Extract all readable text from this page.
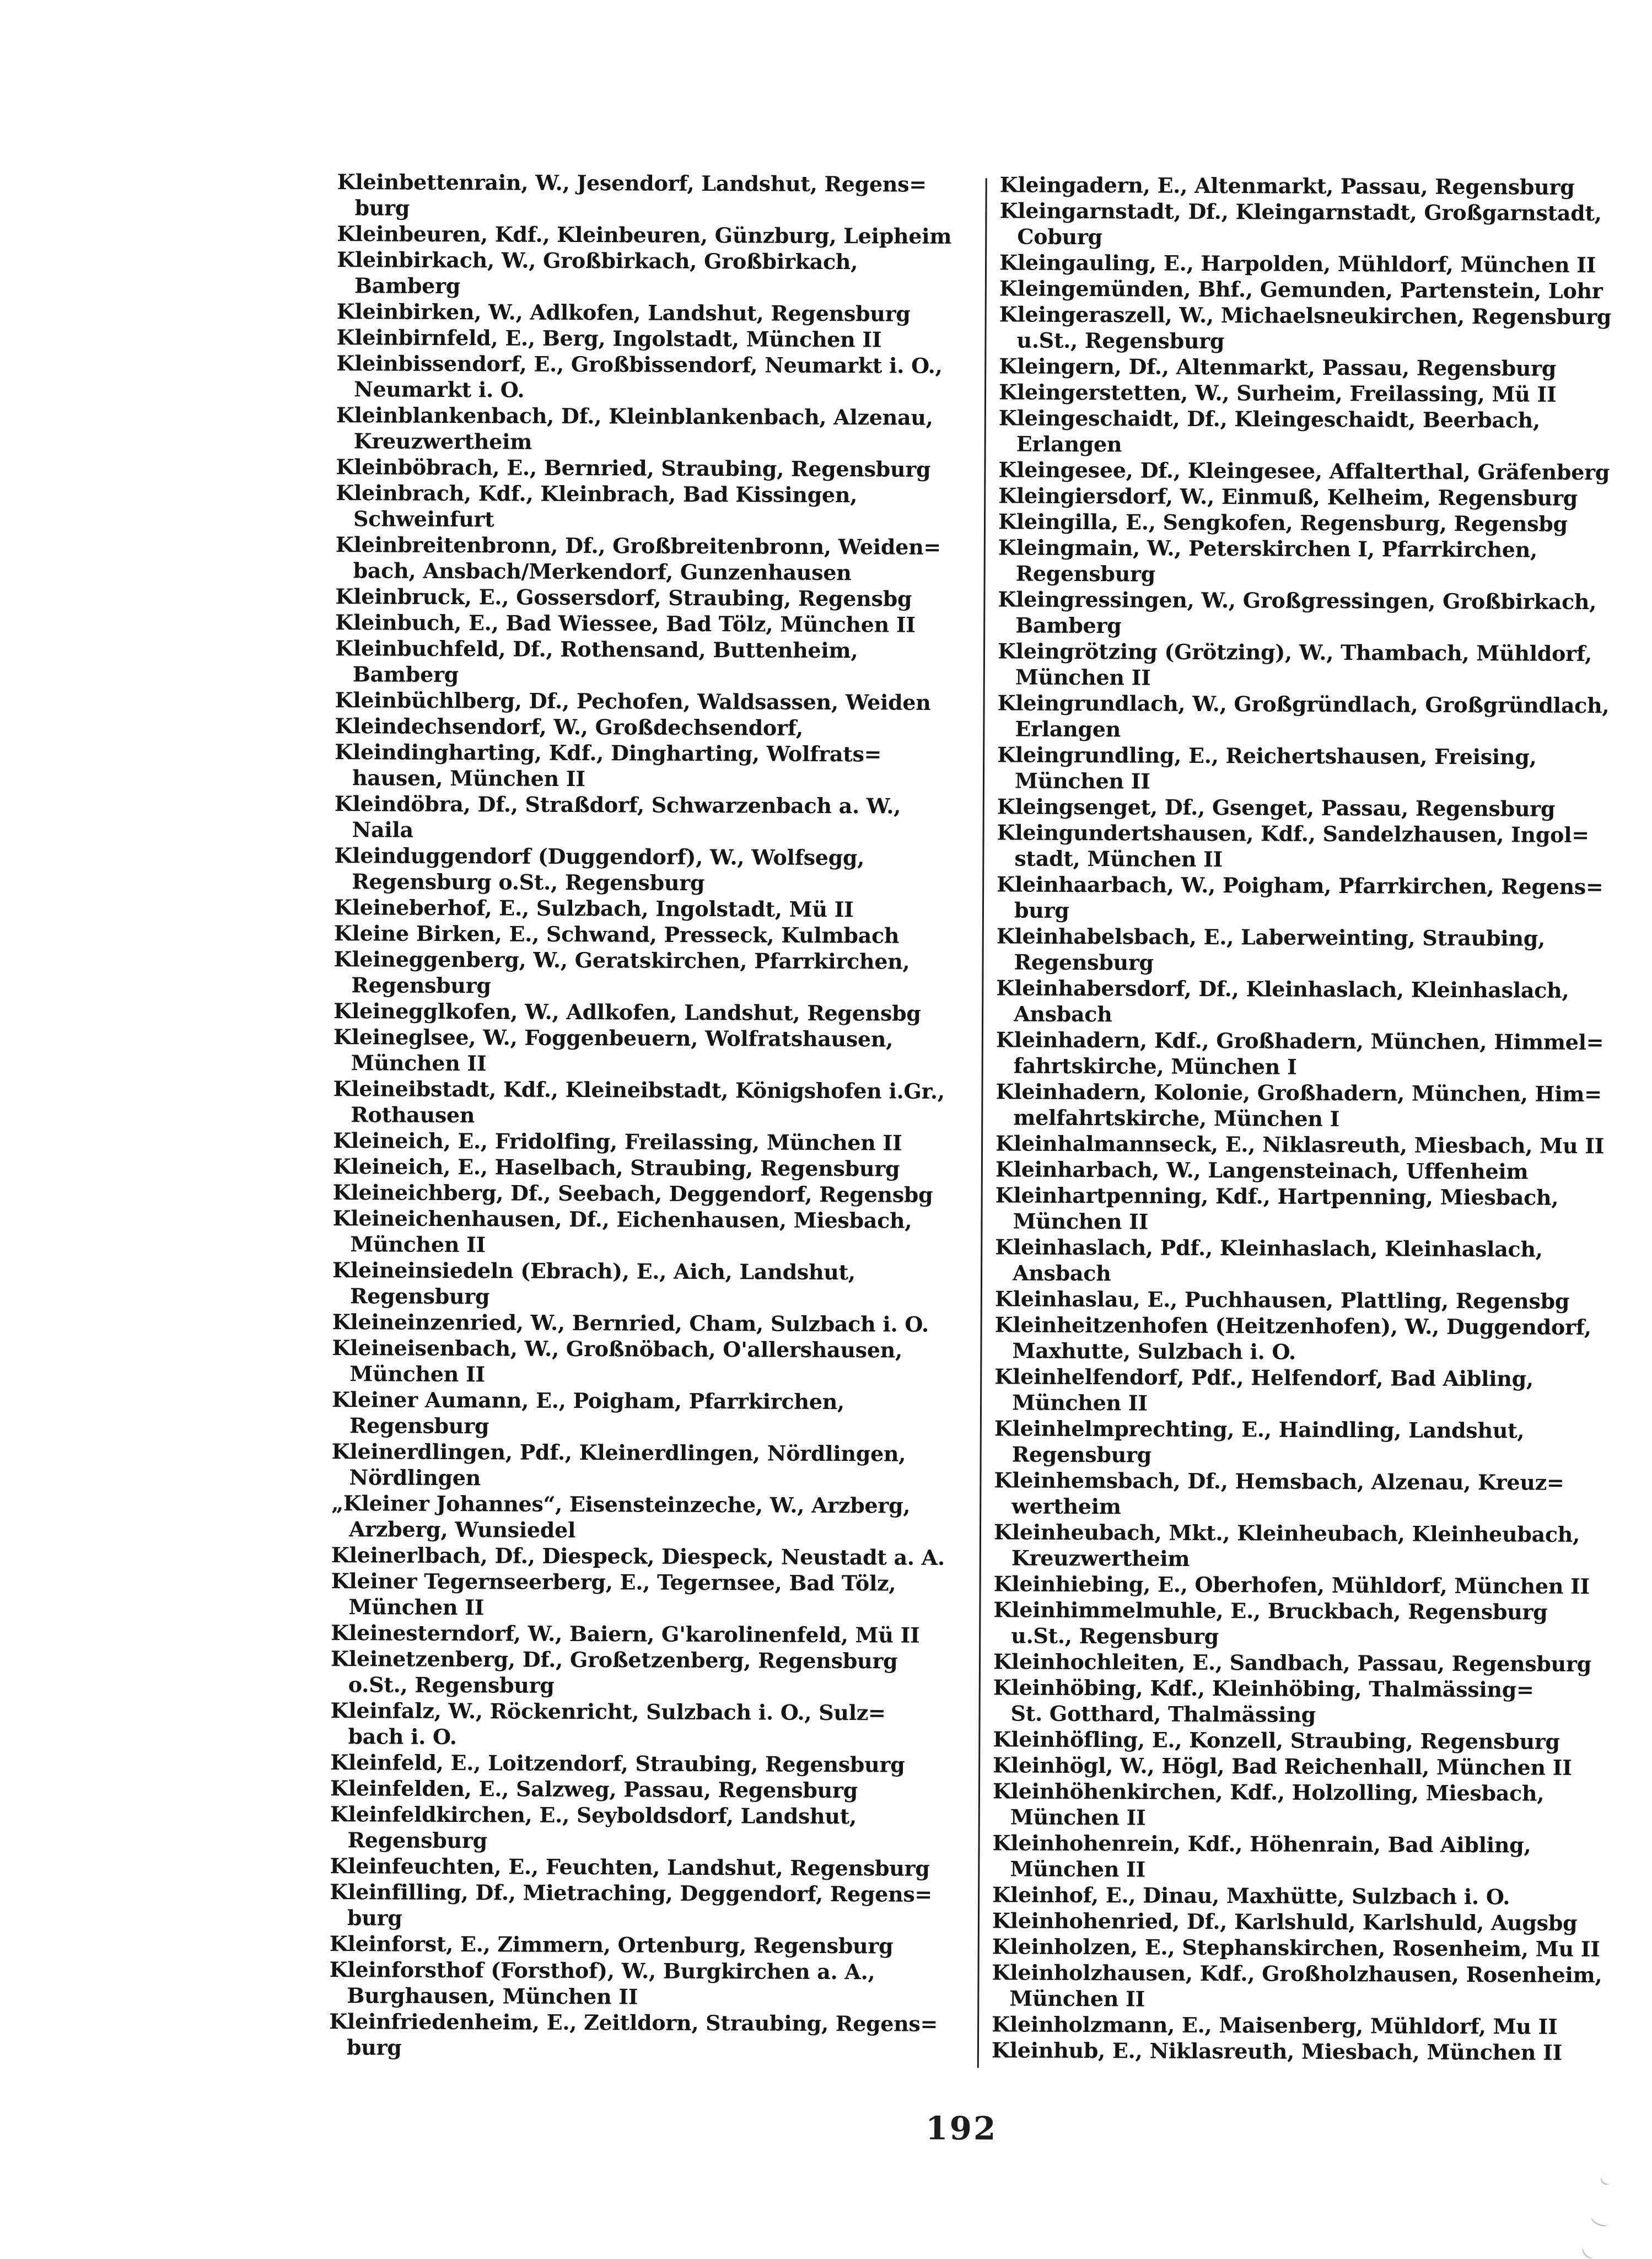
Kleinbettenrain, W., Jesendorf, Landshut, Regens=
burg
Kleinbeuren, Kdf., Kleinbeuren, Günzburg, Leipheim
Kleinbirkach, W., Großbirkach, Großbirkach,
Bamberg
Kleinbirken, W., Adlkofen, Landshut, Regensburg
Kleinbirnfeld, E., Berg, Ingolstadt, München II
Kleinbissendorf, E., Großbissendorf, Neumarkt i. O.,
Neumarkt i. O.
Kleinblankenbach, Df., Kleinblankenbach, Alzenau,
Kreuzwertheim
Kleinböbrach, E., Bernried, Straubing, Regensburg
Kleinbrach, Kdf., Kleinbrach, Bad Kissingen,
Schweinfurt
Kleinbreitenbronn, Df., Großbreitenbronn, Weiden=
bach, Ansbach/Merkendorf, Gunzenhausen
Kleinbruck, E., Gossersdorf, Straubing, Regensbg
Kleinbuch, E., Bad Wiessee, Bad Tölz, München II
Kleinbuchfeld, Df., Rothensand, Buttenheim,
Bamberg
Kleinbüchlberg, Df., Pechofen, Waldsassen, Weiden
Kleindechsendorf, W., Großdechsendorf,
Kleindingharting, Kdf., Dingharting, Wolfrats=
hausen, München II
Kleindöbra, Df., Straßdorf, Schwarzenbach a. W.,
Naila
Kleinduggendorf (Duggendorf), W., Wolfsegg,
Regensburg o.St., Regensburg
Kleineberhof, E., Sulzbach, Ingolstadt, Mü II
Kleine Birken, E., Schwand, Presseck, Kulmbach
Kleineggenberg, W., Geratskirchen, Pfarrkirchen,
Regensburg
Kleinegglkofen, W., Adlkofen, Landshut, Regensbg
Kleineglsee, W., Foggenbeuern, Wolfratshausen,
München II
Kleineibstadt, Kdf., Kleineibstadt, Königshofen i.Gr.,
Rothausen
Kleineich, E., Fridolfing, Freilassing, München II
Kleineich, E., Haselbach, Straubing, Regensburg
Kleineichberg, Df., Seebach, Deggendorf, Regensbg
Kleineichenhausen, Df., Eichenhausen, Miesbach,
München II
Kleineinsiedeln (Ebrach), E., Aich, Landshut,
Regensburg
Kleineinzenried, W., Bernried, Cham, Sulzbach i. O.
Kleineisenbach, W., Großnöbach, O'allershausen,
München II
Kleiner Aumann, E., Poigham, Pfarrkirchen,
Regensburg
Kleinerdlingen, Pdf., Kleinerdlingen, Nördlingen,
Nördlingen
„Kleiner Johannes“, Eisensteinzeche, W., Arzberg,
Arzberg, Wunsiedel
Kleinerlbach, Df., Diespeck, Diespeck, Neustadt a. A.
Kleiner Tegernseerberg, E., Tegernsee, Bad Tölz,
München II
Kleinesterndorf, W., Baiern, G'karolinenfeld, Mü II
Kleinetzenberg, Df., Großetzenberg, Regensburg
o.St., Regensburg
Kleinfalz, W., Röckenricht, Sulzbach i. O., Sulz=
bach i. O.
Kleinfeld, E., Loitzendorf, Straubing, Regensburg
Kleinfelden, E., Salzweg, Passau, Regensburg
Kleinfeldkirchen, E., Seyboldsdorf, Landshut,
Regensburg
Kleinfeuchten, E., Feuchten, Landshut, Regensburg
Kleinfilling, Df., Mietraching, Deggendorf, Regens=
burg
Kleinforst, E., Zimmern, Ortenburg, Regensburg
Kleinforsthof (Forsthof), W., Burgkirchen a. A.,
Burghausen, München II
Kleinfriedenheim, E., Zeitldorn, Straubing, Regens=
burg
Kleingadern, E., Altenmarkt, Passau, Regensburg
Kleingarnstadt, Df., Kleingarnstadt, Großgarnstadt,
Coburg
Kleingauling, E., Harpolden, Mühldorf, München II
Kleingemünden, Bhf., Gemunden, Partenstein, Lohr
Kleingeraszell, W., Michaelsneukirchen, Regensburg
u.St., Regensburg
Kleingern, Df., Altenmarkt, Passau, Regensburg
Kleingerstetten, W., Surheim, Freilassing, Mü II
Kleingeschaidt, Df., Kleingeschaidt, Beerbach,
Erlangen
Kleingesee, Df., Kleingesee, Affalterthal, Gräfenberg
Kleingiersdorf, W., Einmuß, Kelheim, Regensburg
Kleingilla, E., Sengkofen, Regensburg, Regensbg
Kleingmain, W., Peterskirchen I, Pfarrkirchen,
Regensburg
Kleingressingen, W., Großgressingen, Großbirkach,
Bamberg
Kleingrötzing (Grötzing), W., Thambach, Mühldorf,
München II
Kleingrundlach, W., Großgründlach, Großgründlach,
Erlangen
Kleingrundling, E., Reichertshausen, Freising,
München II
Kleingsenget, Df., Gsenget, Passau, Regensburg
Kleingundertshausen, Kdf., Sandelzhausen, Ingol=
stadt, München II
Kleinhaarbach, W., Poigham, Pfarrkirchen, Regens=
burg
Kleinhabelsbach, E., Laberweinting, Straubing,
Regensburg
Kleinhabersdorf, Df., Kleinhaslach, Kleinhaslach,
Ansbach
Kleinhadern, Kdf., Großhadern, München, Himmel=
fahrtskirche, München I
Kleinhadern, Kolonie, Großhadern, München, Him=
melfahrtskirche, München I
Kleinhalmannseck, E., Niklasreuth, Miesbach, Mu II
Kleinharbach, W., Langensteinach, Uffenheim
Kleinhartpenning, Kdf., Hartpenning, Miesbach,
München II
Kleinhaslach, Pdf., Kleinhaslach, Kleinhaslach,
Ansbach
Kleinhaslau, E., Puchhausen, Plattling, Regensbg
Kleinheitzenhofen (Heitzenhofen), W., Duggendorf,
Maxhutte, Sulzbach i. O.
Kleinhelfendorf, Pdf., Helfendorf, Bad Aibling,
München II
Kleinhelmprechting, E., Haindling, Landshut,
Regensburg
Kleinhemsbach, Df., Hemsbach, Alzenau, Kreuz=
wertheim
Kleinheubach, Mkt., Kleinheubach, Kleinheubach,
Kreuzwertheim
Kleinhiebing, E., Oberhofen, Mühldorf, München II
Kleinhimmelmuhle, E., Bruckbach, Regensburg
u.St., Regensburg
Kleinhochleiten, E., Sandbach, Passau, Regensburg
Kleinhöbing, Kdf., Kleinhöbing, Thalmässing=
St. Gotthard, Thalmässing
Kleinhöfling, E., Konzell, Straubing, Regensburg
Kleinhögl, W., Högl, Bad Reichenhall, München II
Kleinhöhenkirchen, Kdf., Holzolling, Miesbach,
München II
Kleinhohenrein, Kdf., Höhenrain, Bad Aibling,
München II
Kleinhof, E., Dinau, Maxhütte, Sulzbach i. O.
Kleinhohenried, Df., Karlshuld, Karlshuld, Augsbg
Kleinholzen, E., Stephanskirchen, Rosenheim, Mu II
Kleinholzhausen, Kdf., Großholzhausen, Rosenheim,
München II
Kleinholzmann, E., Maisenberg, Mühldorf, Mu II
Kleinhub, E., Niklasreuth, Miesbach, München II
192
